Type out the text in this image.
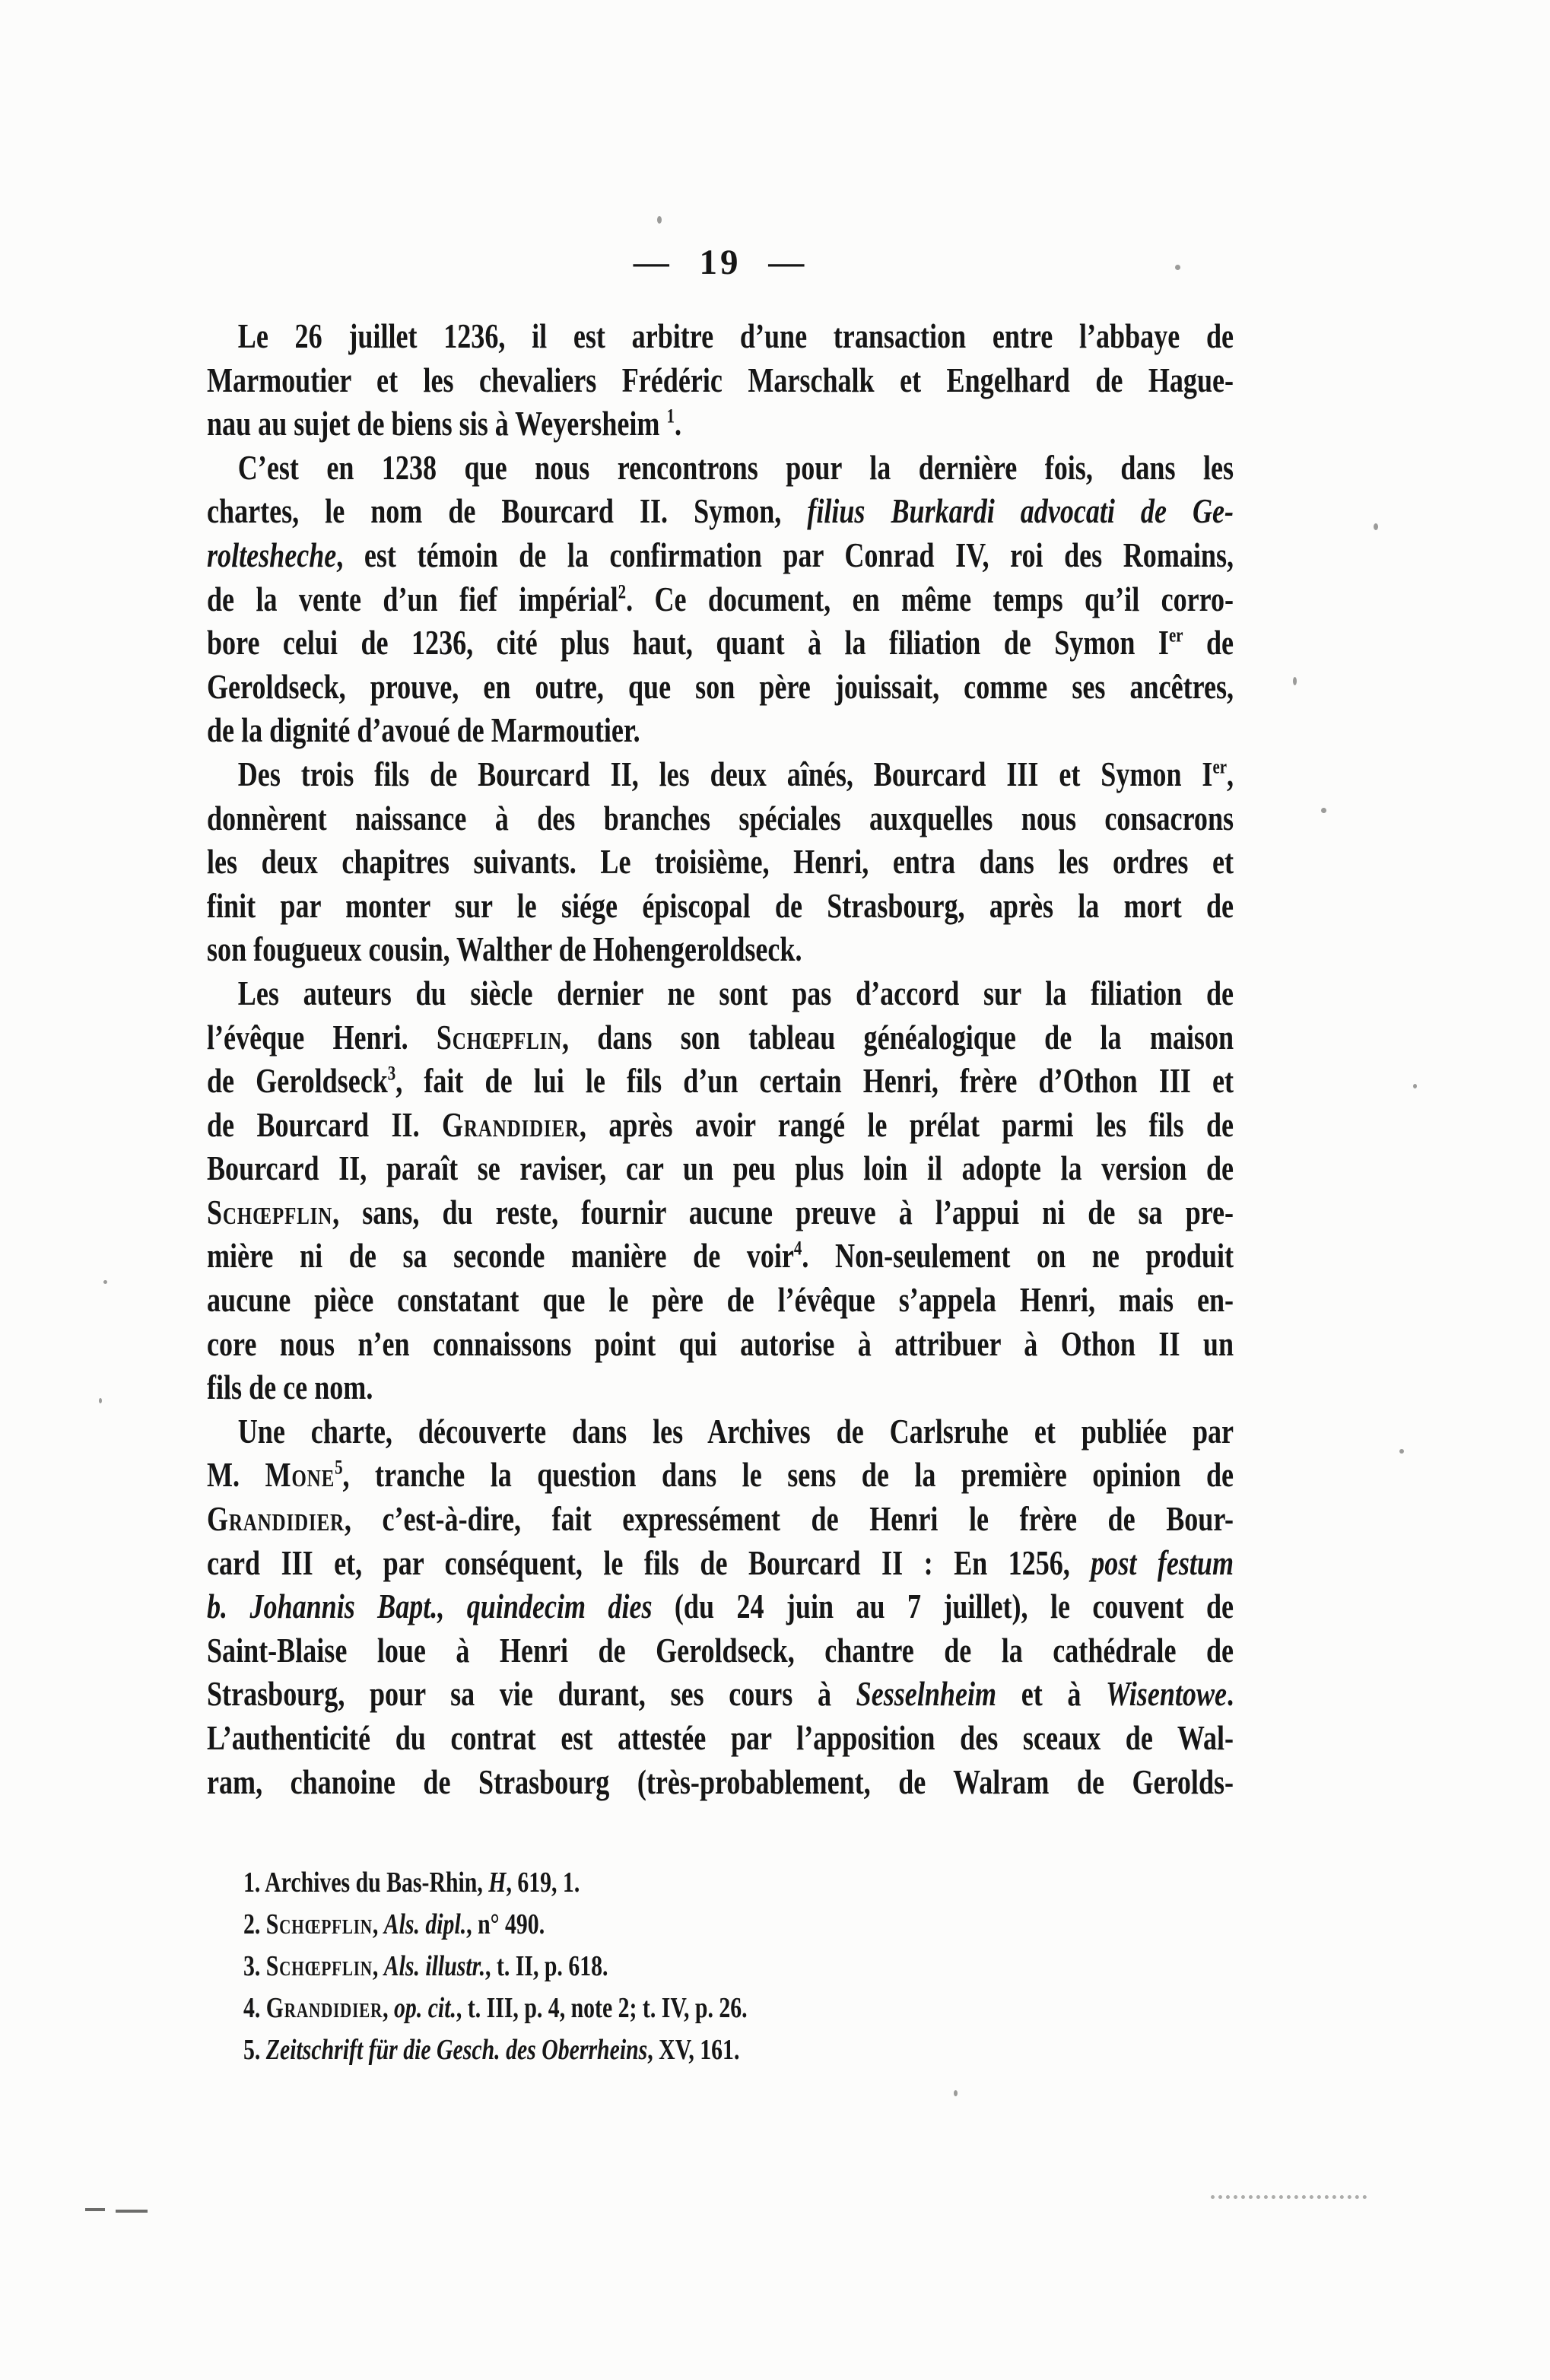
— 19 —
Le 26 juillet 1236, il est arbitre d’une transaction entre l’abbaye de
Marmoutier et les chevaliers Frédéric Marschalk et Engelhard de Hague-
nau au sujet de biens sis à Weyersheim $^1$.
C’est en 1238 que nous rencontrons pour la dernière fois, dans les
chartes, le nom de Bourcard II. Symon, filius Burkardi advocati de Ge-
roltesheche, est témoin de la confirmation par Conrad IV, roi des Romains,
de la vente d’un fief impérial$^2$. Ce document, en même temps qu’il corro-
bore celui de 1236, cité plus haut, quant à la filiation de Symon Ier de
Geroldseck, prouve, en outre, que son père jouissait, comme ses ancêtres,
de la dignité d’avoué de Marmoutier.
Des trois fils de Bourcard II, les deux aînés, Bourcard III et Symon Ier,
donnèrent naissance à des branches spéciales auxquelles nous consacrons
les deux chapitres suivants. Le troisième, Henri, entra dans les ordres et
finit par monter sur le siége épiscopal de Strasbourg, après la mort de
son fougueux cousin, Walther de Hohengeroldseck.
Les auteurs du siècle dernier ne sont pas d’accord sur la filiation de
l’évêque Henri. Schœpflin, dans son tableau généalogique de la maison
de Geroldseck$^3$, fait de lui le fils d’un certain Henri, frère d’Othon III et
de Bourcard II. Grandidier, après avoir rangé le prélat parmi les fils de
Bourcard II, paraît se raviser, car un peu plus loin il adopte la version de
Schœpflin, sans, du reste, fournir aucune preuve à l’appui ni de sa pre-
mière ni de sa seconde manière de voir$^4$. Non-seulement on ne produit
aucune pièce constatant que le père de l’évêque s’appela Henri, mais en-
core nous n’en connaissons point qui autorise à attribuer à Othon II un
fils de ce nom.
Une charte, découverte dans les Archives de Carlsruhe et publiée par
M. Mone$^5$, tranche la question dans le sens de la première opinion de
Grandidier, c’est-à-dire, fait expressément de Henri le frère de Bour-
card III et, par conséquent, le fils de Bourcard II : En 1256, post festum
b. Johannis Bapt., quindecim dies (du 24 juin au 7 juillet), le couvent de
Saint-Blaise loue à Henri de Geroldseck, chantre de la cathédrale de
Strasbourg, pour sa vie durant, ses cours à Sesselnheim et à Wisentowe.
L’authenticité du contrat est attestée par l’apposition des sceaux de Wal-
ram, chanoine de Strasbourg (très-probablement, de Walram de Gerolds-
1. Archives du Bas-Rhin, H, 619, 1.
2. Schœpflin, Als. dipl., n° 490.
3. Schœpflin, Als. illustr., t. II, p. 618.
4. Grandidier, op. cit., t. III, p. 4, note 2; t. IV, p. 26.
5. Zeitschrift für die Gesch. des Oberrheins, XV, 161.
